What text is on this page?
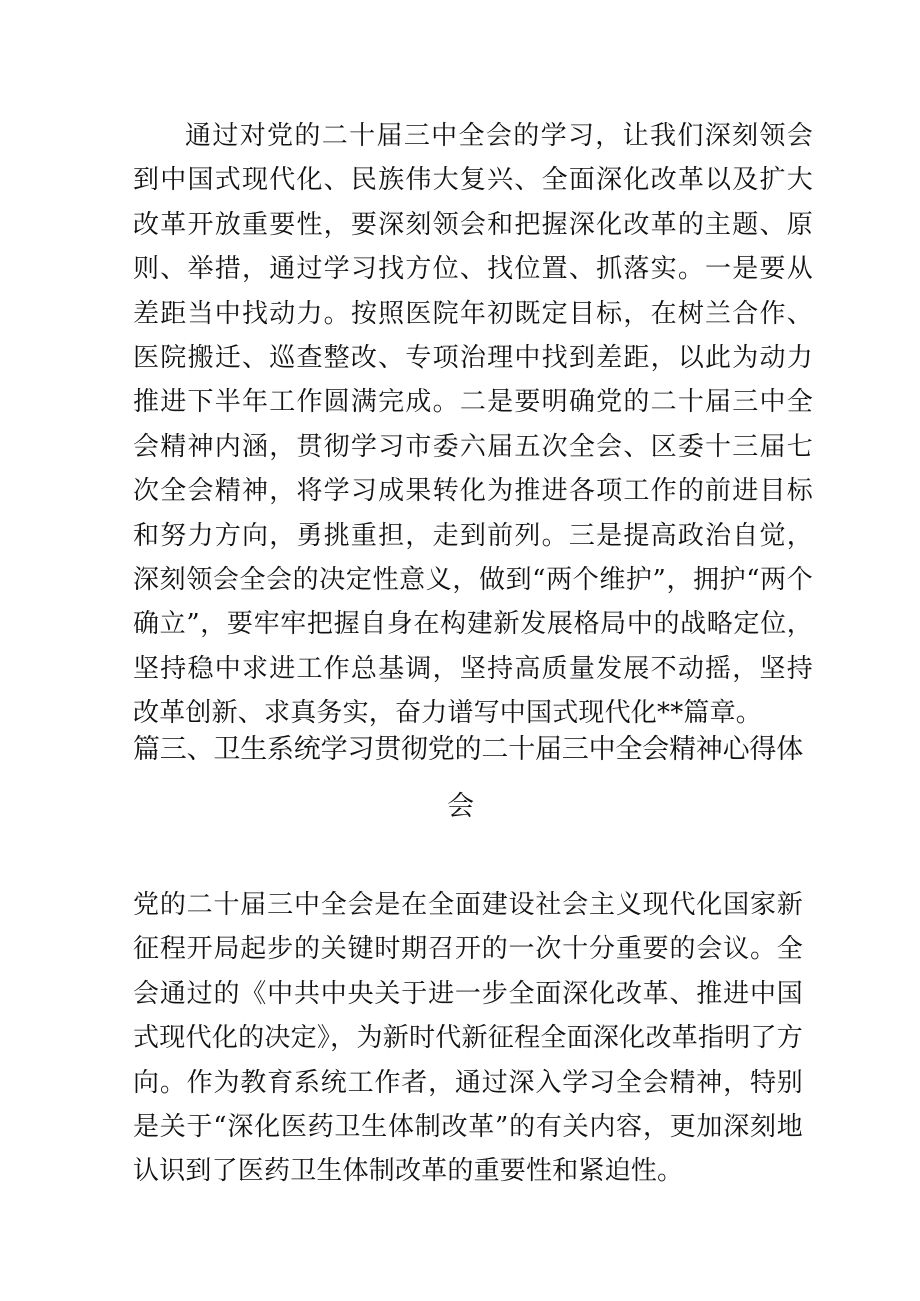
通过对党的二十届三中全会的学习，让我们深刻领会到中国式现代化、民族伟大复兴、全面深化改革以及扩大改革开放重要性，要深刻领会和把握深化改革的主题、原则、举措，通过学习找方位、找位置、抓落实。一是要从差距当中找动力。按照医院年初既定目标，在树兰合作、医院搬迁、巡查整改、专项治理中找到差距，以此为动力推进下半年工作圆满完成。二是要明确党的二十届三中全会精神内涵，贯彻学习市委六届五次全会、区委十三届七次全会精神，将学习成果转化为推进各项工作的前进目标和努力方向，勇挑重担，走到前列。三是提高政治自觉，深刻领会全会的决定性意义，做到“两个维护”，拥护“两个确立”，要牢牢把握自身在构建新发展格局中的战略定位，坚持稳中求进工作总基调，坚持高质量发展不动摇，坚持改革创新、求真务实，奋力谱写中国式现代化**篇章。

篇三、卫生系统学习贯彻党的二十届三中全会精神心得体
会

党的二十届三中全会是在全面建设社会主义现代化国家新征程开局起步的关键时期召开的一次十分重要的会议。全会通过的《中共中央关于进一步全面深化改革、推进中国式现代化的决定》，为新时代新征程全面深化改革指明了方向。作为教育系统工作者，通过深入学习全会精神，特别是关于“深化医药卫生体制改革”的有关内容，更加深刻地认识到了医药卫生体制改革的重要性和紧迫性。
